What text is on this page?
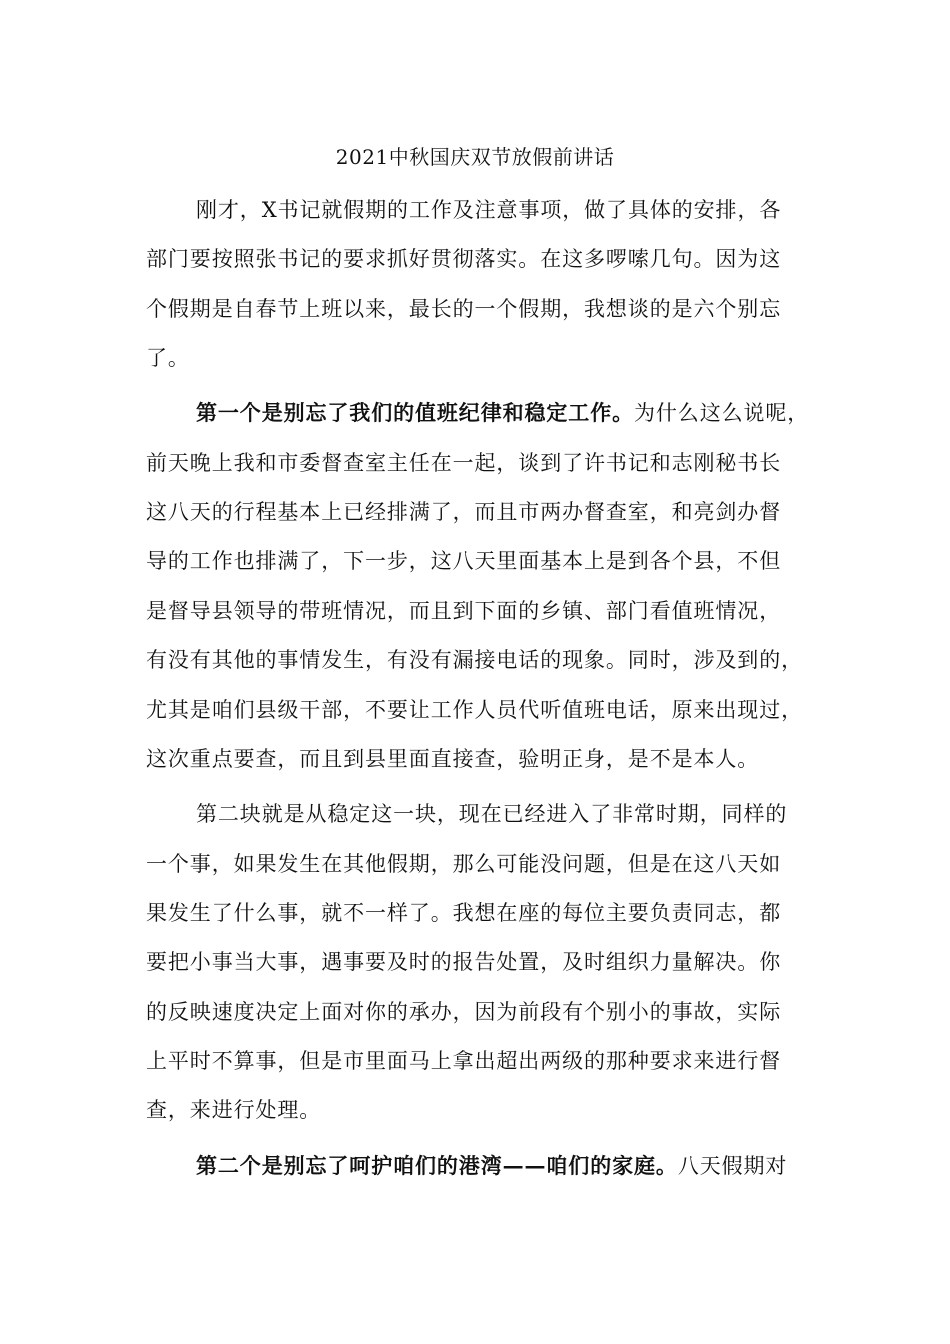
2021中秋国庆双节放假前讲话
刚才，X书记就假期的工作及注意事项，做了具体的安排，各
部门要按照张书记的要求抓好贯彻落实。在这多啰嗦几句。因为这
个假期是自春节上班以来，最长的一个假期，我想谈的是六个别忘
了。
第一个是别忘了我们的值班纪律和稳定工作。为什么这么说呢，
前天晚上我和市委督查室主任在一起，谈到了许书记和志刚秘书长
这八天的行程基本上已经排满了，而且市两办督查室，和亮剑办督
导的工作也排满了，下一步，这八天里面基本上是到各个县，不但
是督导县领导的带班情况，而且到下面的乡镇、部门看值班情况，
有没有其他的事情发生，有没有漏接电话的现象。同时，涉及到的，
尤其是咱们县级干部，不要让工作人员代听值班电话，原来出现过，
这次重点要查，而且到县里面直接查，验明正身，是不是本人。
第二块就是从稳定这一块，现在已经进入了非常时期，同样的
一个事，如果发生在其他假期，那么可能没问题，但是在这八天如
果发生了什么事，就不一样了。我想在座的每位主要负责同志，都
要把小事当大事，遇事要及时的报告处置，及时组织力量解决。你
的反映速度决定上面对你的承办，因为前段有个别小的事故，实际
上平时不算事，但是市里面马上拿出超出两级的那种要求来进行督
查，来进行处理。
第二个是别忘了呵护咱们的港湾——咱们的家庭。八天假期对
